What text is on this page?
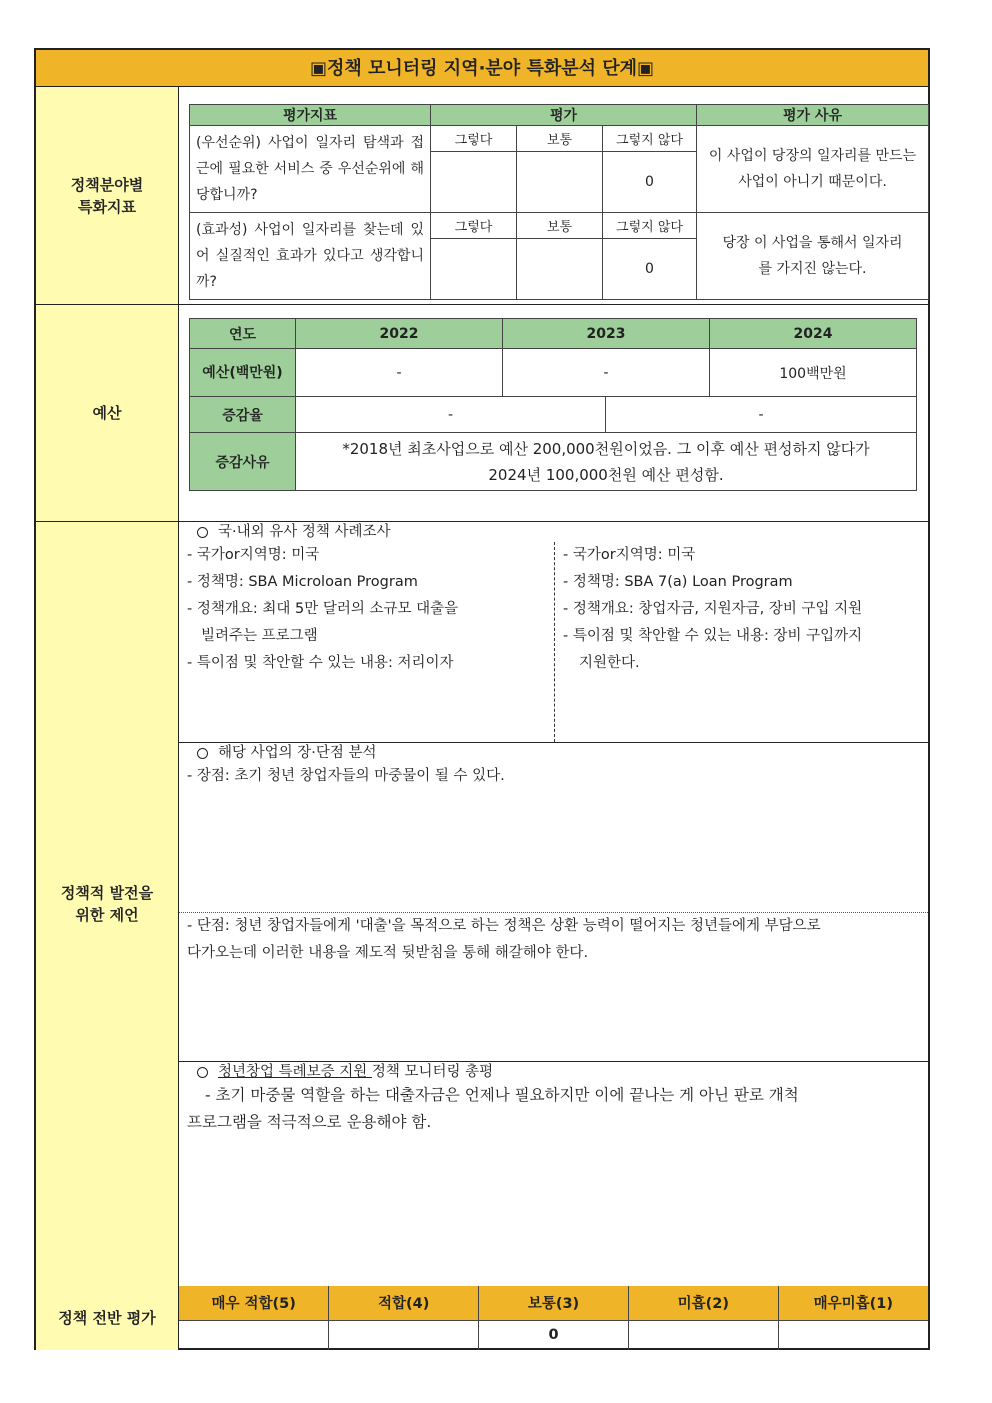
▣정책 모니터링 지역·분야 특화분석 단계▣
정책분야별
특화지표
평가지표	평가			평가 사유
(우선순위) 사업이 일자리 탐색과 접근에 필요한 서비스 중 우선순위에 해당합니까?	그렇다	보통	그렇지 않다	이 사업이 당장의 일자리를 만드는 사업이 아니기 때문이다.
			0	
(효과성) 사업이 일자리를 찾는데 있어 실질적인 효과가 있다고 생각합니까?	그렇다	보통	그렇지 않다	당장 이 사업을 통해서 일자리를 가지진 않는다.
			0	
예산
연도	2022	2023		2024
예산(백만원)	-	-		100백만원
증감율	-		-	
증감사유	*2018년 최초사업으로 예산 200,000천원이었음. 그 이후 예산 편성하지 않다가 2024년 100,000천원 예산 편성함.			
정책적 발전을
위한 제언
국·내외 유사 정책 사례조사
- 국가or지역명: 미국
- 정책명: SBA Microloan Program
- 정책개요: 최대 5만 달러의 소규모 대출을
빌려주는 프로그램
- 특이점 및 착안할 수 있는 내용: 저리이자
- 국가or지역명: 미국
- 정책명: SBA 7(a) Loan Program
- 정책개요: 창업자금, 지원자금, 장비 구입 지원
- 특이점 및 착안할 수 있는 내용: 장비 구입까지
지원한다.
해당 사업의 장·단점 분석
- 장점: 초기 청년 창업자들의 마중물이 될 수 있다.
- 단점: 청년 창업자들에게 '대출'을 목적으로 하는 정책은 상환 능력이 떨어지는 청년들에게 부담으로
다가오는데 이러한 내용을 제도적 뒷받침을 통해 해갈해야 한다.
청년창업 특례보증 지원 정책 모니터링 총평
- 초기 마중물 역할을 하는 대출자금은 언제나 필요하지만 이에 끝나는 게 아닌 판로 개척
프로그램을 적극적으로 운용해야 함.
정책 전반 평가
매우 적합(5)	적합(4)	보통(3)	미흡(2)	매우미흡(1)
		0		
